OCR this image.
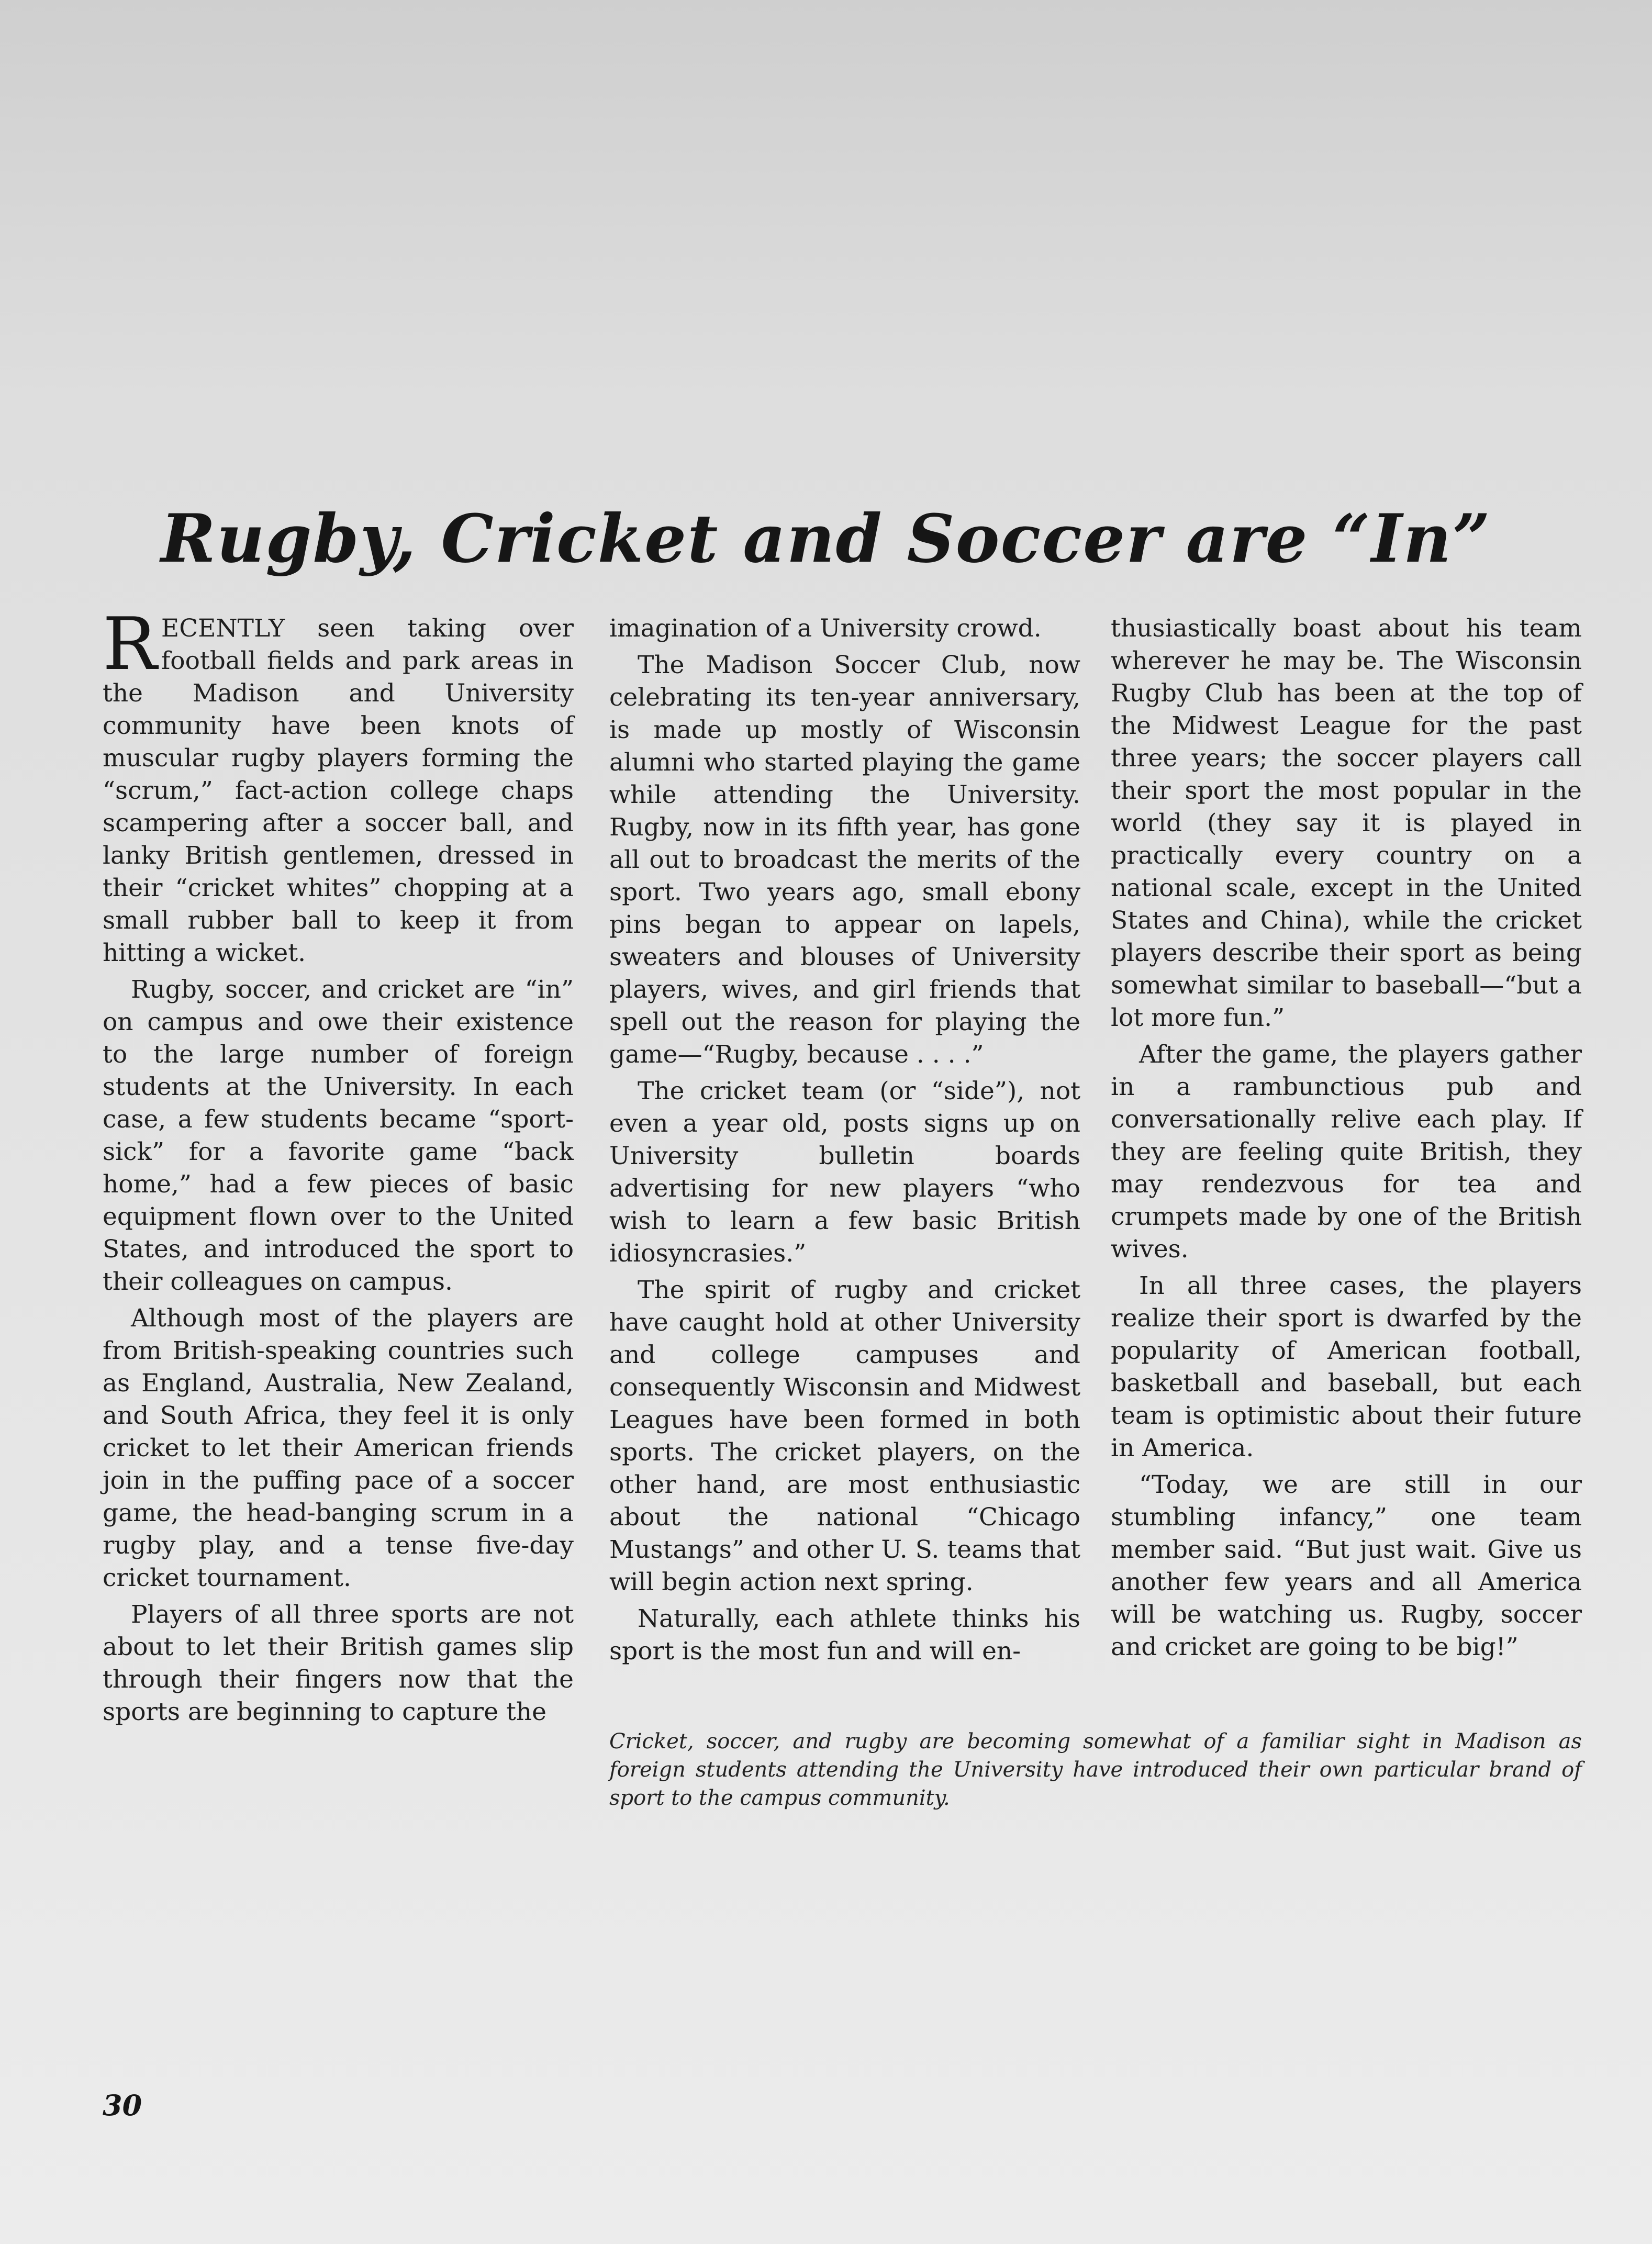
Rugby, Cricket and Soccer are “In”

RECENTLY seen taking over football fields and park areas in the Madison and University community have been knots of muscular rugby players forming the “scrum,” fact-action college chaps scampering after a soccer ball, and lanky British gentlemen, dressed in their “cricket whites” chopping at a small rubber ball to keep it from hitting a wicket.

Rugby, soccer, and cricket are “in” on campus and owe their existence to the large number of foreign students at the University. In each case, a few students became “sport-sick” for a favorite game “back home,” had a few pieces of basic equipment flown over to the United States, and introduced the sport to their colleagues on campus.

Although most of the players are from British-speaking countries such as England, Australia, New Zealand, and South Africa, they feel it is only cricket to let their American friends join in the puffing pace of a soccer game, the head-banging scrum in a rugby play, and a tense five-day cricket tournament.

Players of all three sports are not about to let their British games slip through their fingers now that the sports are beginning to capture the

imagination of a University crowd.

The Madison Soccer Club, now celebrating its ten-year anniversary, is made up mostly of Wisconsin alumni who started playing the game while attending the University. Rugby, now in its fifth year, has gone all out to broadcast the merits of the sport. Two years ago, small ebony pins began to appear on lapels, sweaters and blouses of University players, wives, and girl friends that spell out the reason for playing the game—“Rugby, because . . . .”

The cricket team (or “side”), not even a year old, posts signs up on University bulletin boards advertising for new players “who wish to learn a few basic British idiosyncrasies.”

The spirit of rugby and cricket have caught hold at other University and college campuses and consequently Wisconsin and Midwest Leagues have been formed in both sports. The cricket players, on the other hand, are most enthusiastic about the national “Chicago Mustangs” and other U. S. teams that will begin action next spring.

Naturally, each athlete thinks his sport is the most fun and will en-

thusiastically boast about his team wherever he may be. The Wisconsin Rugby Club has been at the top of the Midwest League for the past three years; the soccer players call their sport the most popular in the world (they say it is played in practically every country on a national scale, except in the United States and China), while the cricket players describe their sport as being somewhat similar to baseball—“but a lot more fun.”

After the game, the players gather in a rambunctious pub and conversationally relive each play. If they are feeling quite British, they may rendezvous for tea and crumpets made by one of the British wives.

In all three cases, the players realize their sport is dwarfed by the popularity of American football, basketball and baseball, but each team is optimistic about their future in America.

“Today, we are still in our stumbling infancy,” one team member said. “But just wait. Give us another few years and all America will be watching us. Rugby, soccer and cricket are going to be big!”

Cricket, soccer, and rugby are becoming somewhat of a familiar sight in Madison as foreign students attending the University have introduced their own particular brand of sport to the campus community.
30
